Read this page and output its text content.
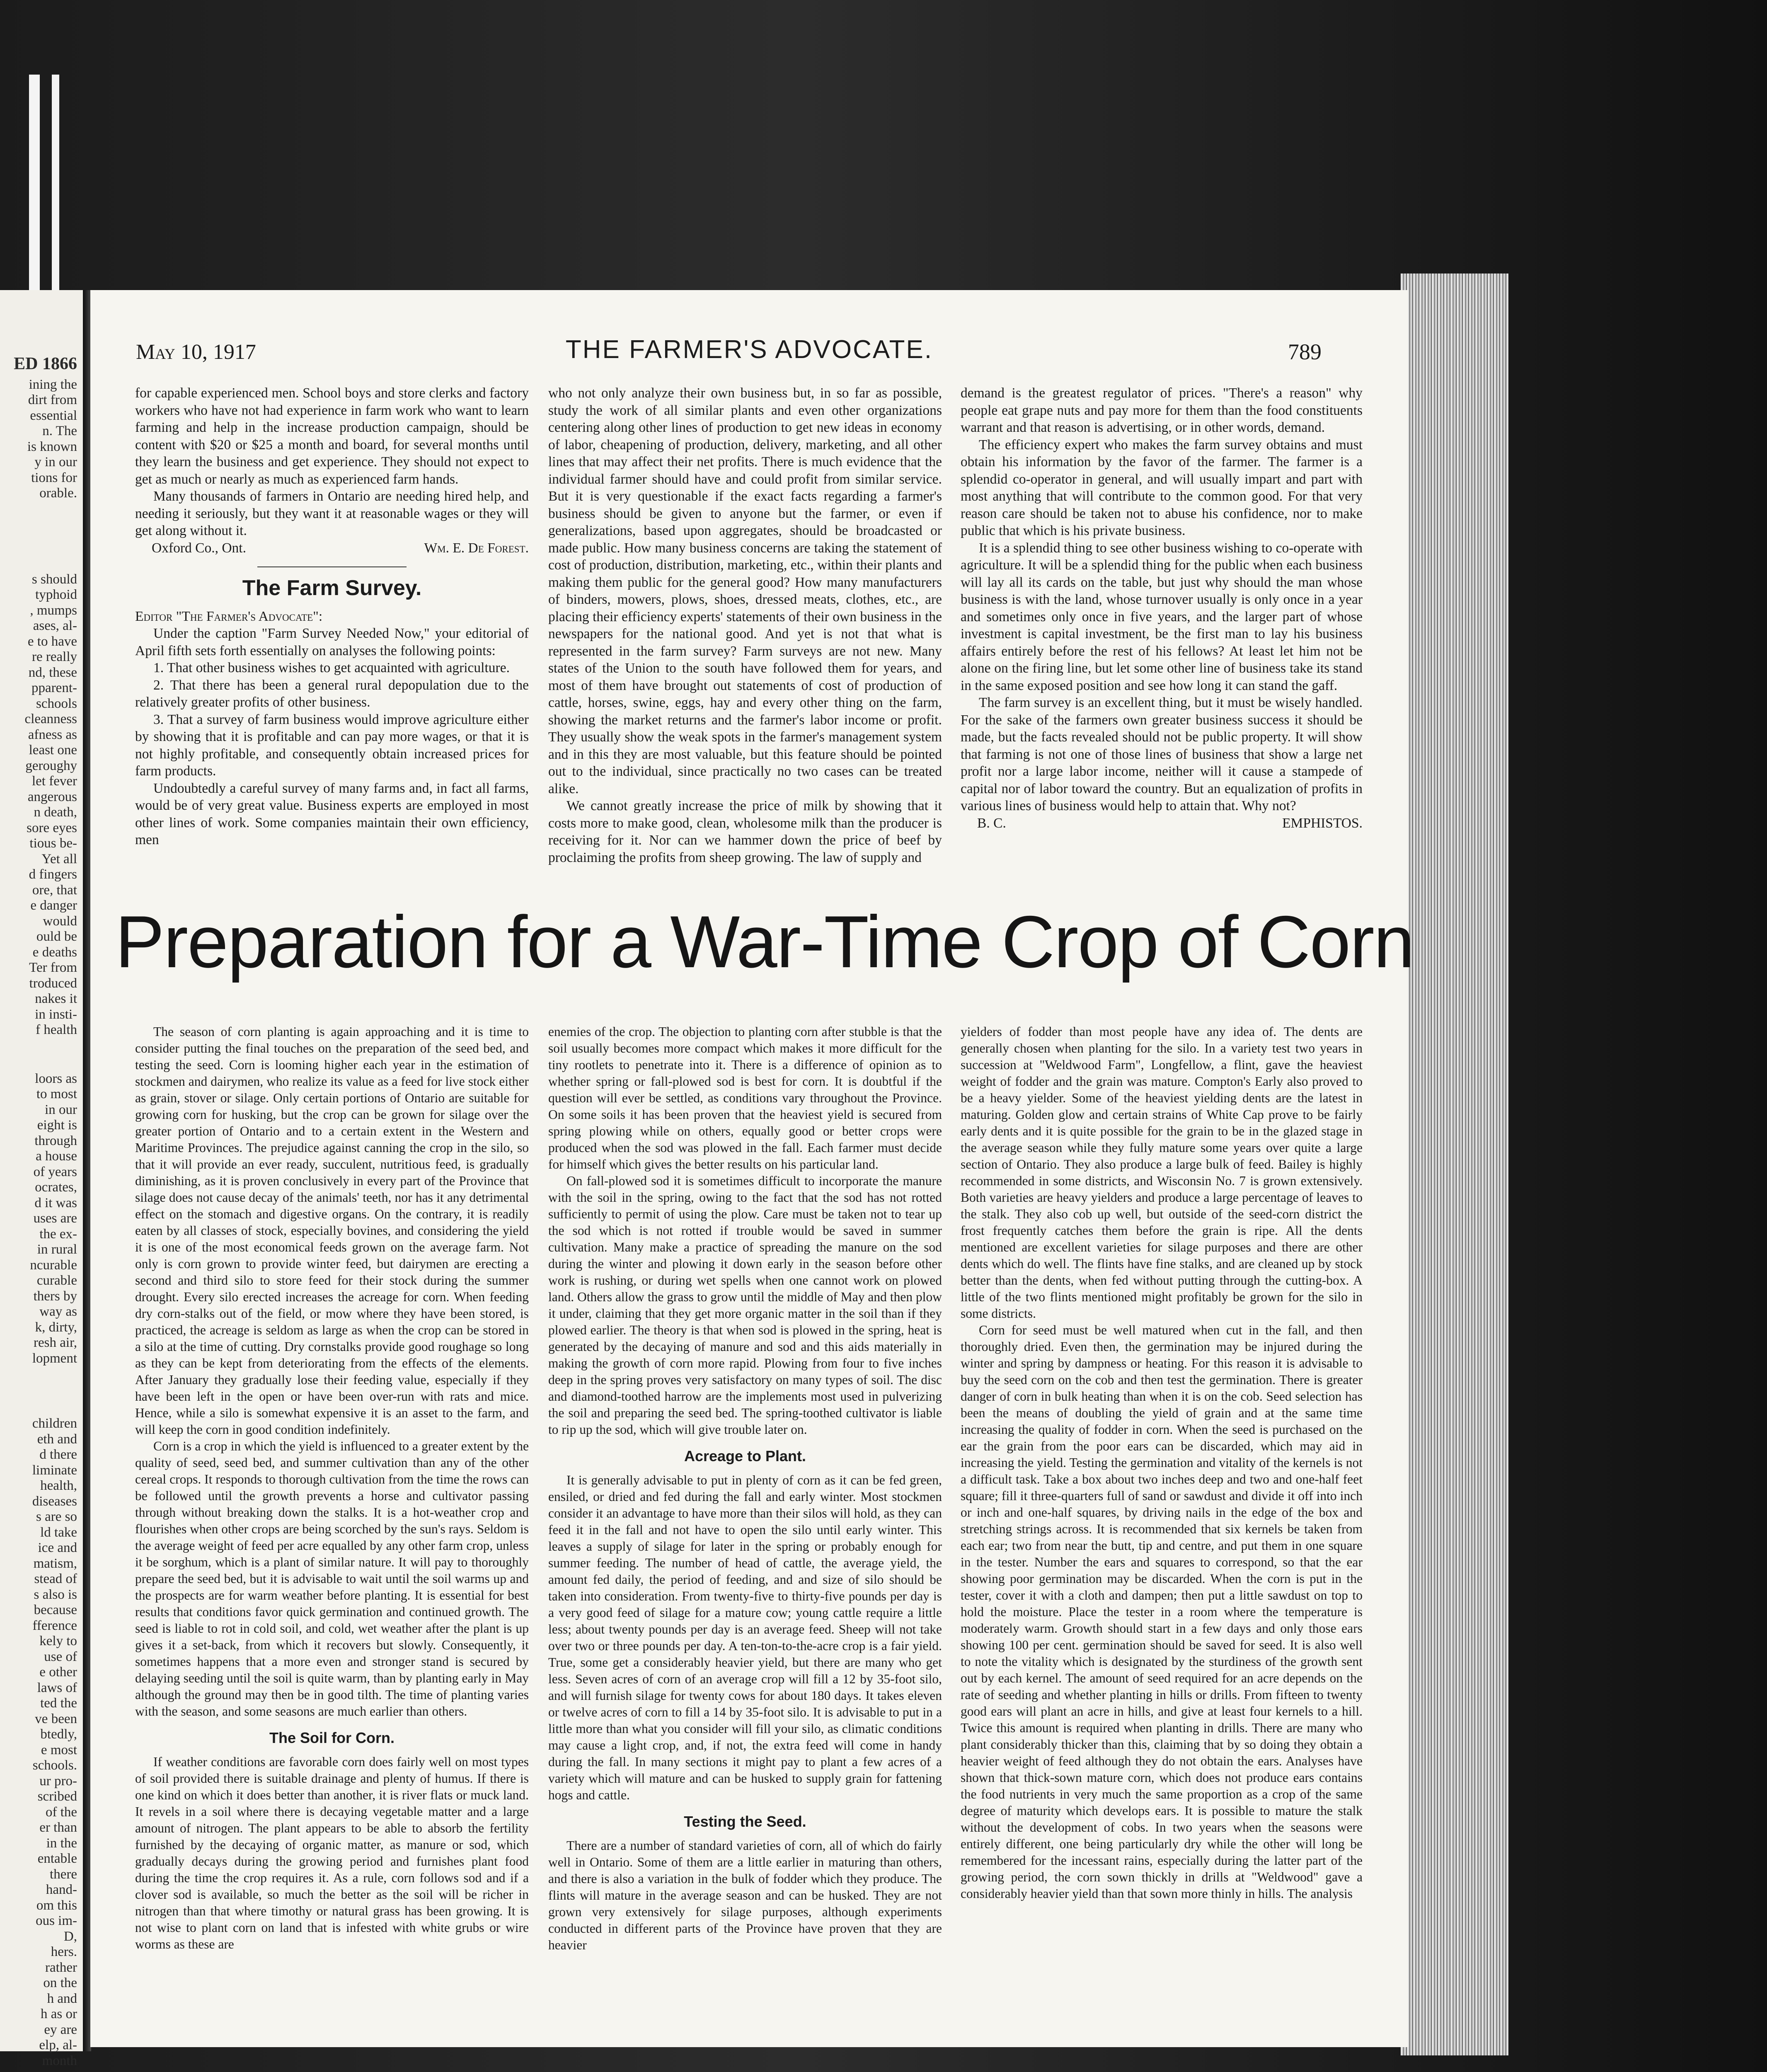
ED 1866
ining the
dirt from
essential
n. The
is known
y in our
tions for
orable.
s should
typhoid
, mumps
ases, al-
e to have
re really
nd, these
pparent-
schools
cleanness
afness as
least one
geroughy
let fever
angerous
n death,
sore eyes
tious be-
Yet all
d fingers
ore, that
e danger
would
ould be
e deaths
Ter from
troduced
nakes it
in insti-
f health
loors as
to most
in our
eight is
through
a house
of years
ocrates,
d it was
uses are
the ex-
in rural
ncurable
curable
thers by
way as
k, dirty,
resh air,
lopment
children
eth and
d there
liminate
health,
diseases
s are so
ld take
ice and
matism,
stead of
s also is
because
fference
kely to
use of
e other
laws of
ted the
ve been
btedly,
e most
schools.
ur pro-
scribed
of the
er than
in the
entable
there
hand-
om this
ous im-
D,
hers.
rather
on the
h and
h as or
ey are
elp, al-
month
May 10, 1917	THE FARMER'S ADVOCATE.	789

for capable experienced men. School boys and store clerks and factory workers who have not had experience in farm work who want to learn farming and help in the increase production campaign, should be content with $20 or $25 a month and board, for several months until they learn the business and get experience. They should not expect to get as much or nearly as much as experienced farm hands.

Many thousands of farmers in Ontario are needing hired help, and needing it seriously, but they want it at reasonable wages or they will get along without it.

Oxford Co., Ont.	Wm. E. De Forest.
The Farm Survey.

Editor "The Farmer's Advocate":

Under the caption "Farm Survey Needed Now," your editorial of April fifth sets forth essentially on analyses the following points:

1. That other business wishes to get acquainted with agriculture.

2. That there has been a general rural depopulation due to the relatively greater profits of other business.

3. That a survey of farm business would improve agriculture either by showing that it is profitable and can pay more wages, or that it is not highly profitable, and consequently obtain increased prices for farm products.

Undoubtedly a careful survey of many farms and, in fact all farms, would be of very great value. Business experts are employed in most other lines of work. Some companies maintain their own efficiency, men

who not only analyze their own business but, in so far as possible, study the work of all similar plants and even other organizations centering along other lines of production to get new ideas in economy of labor, cheapening of production, delivery, marketing, and all other lines that may affect their net profits. There is much evidence that the individual farmer should have and could profit from similar service. But it is very questionable if the exact facts regarding a farmer's business should be given to anyone but the farmer, or even if generalizations, based upon aggregates, should be broadcasted or made public. How many business concerns are taking the statement of cost of production, distribution, marketing, etc., within their plants and making them public for the general good? How many manufacturers of binders, mowers, plows, shoes, dressed meats, clothes, etc., are placing their efficiency experts' statements of their own business in the newspapers for the national good. And yet is not that what is represented in the farm survey? Farm surveys are not new. Many states of the Union to the south have followed them for years, and most of them have brought out statements of cost of production of cattle, horses, swine, eggs, hay and every other thing on the farm, showing the market returns and the farmer's labor income or profit. They usually show the weak spots in the farmer's management system and in this they are most valuable, but this feature should be pointed out to the individual, since practically no two cases can be treated alike.

We cannot greatly increase the price of milk by showing that it costs more to make good, clean, wholesome milk than the producer is receiving for it. Nor can we hammer down the price of beef by proclaiming the profits from sheep growing. The law of supply and

demand is the greatest regulator of prices. "There's a reason" why people eat grape nuts and pay more for them than the food constituents warrant and that reason is advertising, or in other words, demand.

The efficiency expert who makes the farm survey obtains and must obtain his information by the favor of the farmer. The farmer is a splendid co-operator in general, and will usually impart and part with most anything that will contribute to the common good. For that very reason care should be taken not to abuse his confidence, nor to make public that which is his private business.

It is a splendid thing to see other business wishing to co-operate with agriculture. It will be a splendid thing for the public when each business will lay all its cards on the table, but just why should the man whose business is with the land, whose turnover usually is only once in a year and sometimes only once in five years, and the larger part of whose investment is capital investment, be the first man to lay his business affairs entirely before the rest of his fellows? At least let him not be alone on the firing line, but let some other line of business take its stand in the same exposed position and see how long it can stand the gaff.

The farm survey is an excellent thing, but it must be wisely handled. For the sake of the farmers own greater business success it should be made, but the facts revealed should not be public property. It will show that farming is not one of those lines of business that show a large net profit nor a large labor income, neither will it cause a stampede of capital nor of labor toward the country. But an equalization of profits in various lines of business would help to attain that. Why not?

B. C.	EMPHISTOS.
Preparation for a War-Time Crop of Corn

The season of corn planting is again approaching and it is time to consider putting the final touches on the preparation of the seed bed, and testing the seed. Corn is looming higher each year in the estimation of stockmen and dairymen, who realize its value as a feed for live stock either as grain, stover or silage. Only certain portions of Ontario are suitable for growing corn for husking, but the crop can be grown for silage over the greater portion of Ontario and to a certain extent in the Western and Maritime Provinces. The prejudice against canning the crop in the silo, so that it will provide an ever ready, succulent, nutritious feed, is gradually diminishing, as it is proven conclusively in every part of the Province that silage does not cause decay of the animals' teeth, nor has it any detrimental effect on the stomach and digestive organs. On the contrary, it is readily eaten by all classes of stock, especially bovines, and considering the yield it is one of the most economical feeds grown on the average farm. Not only is corn grown to provide winter feed, but dairymen are erecting a second and third silo to store feed for their stock during the summer drought. Every silo erected increases the acreage for corn. When feeding dry corn-stalks out of the field, or mow where they have been stored, is practiced, the acreage is seldom as large as when the crop can be stored in a silo at the time of cutting. Dry cornstalks provide good roughage so long as they can be kept from deteriorating from the effects of the elements. After January they gradually lose their feeding value, especially if they have been left in the open or have been over-run with rats and mice. Hence, while a silo is somewhat expensive it is an asset to the farm, and will keep the corn in good condition indefinitely.

Corn is a crop in which the yield is influenced to a greater extent by the quality of seed, seed bed, and summer cultivation than any of the other cereal crops. It responds to thorough cultivation from the time the rows can be followed until the growth prevents a horse and cultivator passing through without breaking down the stalks. It is a hot-weather crop and flourishes when other crops are being scorched by the sun's rays. Seldom is the average weight of feed per acre equalled by any other farm crop, unless it be sorghum, which is a plant of similar nature. It will pay to thoroughly prepare the seed bed, but it is advisable to wait until the soil warms up and the prospects are for warm weather before planting. It is essential for best results that conditions favor quick germination and continued growth. The seed is liable to rot in cold soil, and cold, wet weather after the plant is up gives it a set-back, from which it recovers but slowly. Consequently, it sometimes happens that a more even and stronger stand is secured by delaying seeding until the soil is quite warm, than by planting early in May although the ground may then be in good tilth. The time of planting varies with the season, and some seasons are much earlier than others.

The Soil for Corn.

If weather conditions are favorable corn does fairly well on most types of soil provided there is suitable drainage and plenty of humus. If there is one kind on which it does better than another, it is river flats or muck land. It revels in a soil where there is decaying vegetable matter and a large amount of nitrogen. The plant appears to be able to absorb the fertility furnished by the decaying of organic matter, as manure or sod, which gradually decays during the growing period and furnishes plant food during the time the crop requires it. As a rule, corn follows sod and if a clover sod is available, so much the better as the soil will be richer in nitrogen than that where timothy or natural grass has been growing. It is not wise to plant corn on land that is infested with white grubs or wire worms as these are

enemies of the crop. The objection to planting corn after stubble is that the soil usually becomes more compact which makes it more difficult for the tiny rootlets to penetrate into it. There is a difference of opinion as to whether spring or fall-plowed sod is best for corn. It is doubtful if the question will ever be settled, as conditions vary throughout the Province. On some soils it has been proven that the heaviest yield is secured from spring plowing while on others, equally good or better crops were produced when the sod was plowed in the fall. Each farmer must decide for himself which gives the better results on his particular land.

On fall-plowed sod it is sometimes difficult to incorporate the manure with the soil in the spring, owing to the fact that the sod has not rotted sufficiently to permit of using the plow. Care must be taken not to tear up the sod which is not rotted if trouble would be saved in summer cultivation. Many make a practice of spreading the manure on the sod during the winter and plowing it down early in the season before other work is rushing, or during wet spells when one cannot work on plowed land. Others allow the grass to grow until the middle of May and then plow it under, claiming that they get more organic matter in the soil than if they plowed earlier. The theory is that when sod is plowed in the spring, heat is generated by the decaying of manure and sod and this aids materially in making the growth of corn more rapid. Plowing from four to five inches deep in the spring proves very satisfactory on many types of soil. The disc and diamond-toothed harrow are the implements most used in pulverizing the soil and preparing the seed bed. The spring-toothed cultivator is liable to rip up the sod, which will give trouble later on.

Acreage to Plant.

It is generally advisable to put in plenty of corn as it can be fed green, ensiled, or dried and fed during the fall and early winter. Most stockmen consider it an advantage to have more than their silos will hold, as they can feed it in the fall and not have to open the silo until early winter. This leaves a supply of silage for later in the spring or probably enough for summer feeding. The number of head of cattle, the average yield, the amount fed daily, the period of feeding, and and size of silo should be taken into consideration. From twenty-five to thirty-five pounds per day is a very good feed of silage for a mature cow; young cattle require a little less; about twenty pounds per day is an average feed. Sheep will not take over two or three pounds per day. A ten-ton-to-the-acre crop is a fair yield. True, some get a considerably heavier yield, but there are many who get less. Seven acres of corn of an average crop will fill a 12 by 35-foot silo, and will furnish silage for twenty cows for about 180 days. It takes eleven or twelve acres of corn to fill a 14 by 35-foot silo. It is advisable to put in a little more than what you consider will fill your silo, as climatic conditions may cause a light crop, and, if not, the extra feed will come in handy during the fall. In many sections it might pay to plant a few acres of a variety which will mature and can be husked to supply grain for fattening hogs and cattle.

Testing the Seed.

There are a number of standard varieties of corn, all of which do fairly well in Ontario. Some of them are a little earlier in maturing than others, and there is also a variation in the bulk of fodder which they produce. The flints will mature in the average season and can be husked. They are not grown very extensively for silage purposes, although experiments conducted in different parts of the Province have proven that they are heavier

yielders of fodder than most people have any idea of. The dents are generally chosen when planting for the silo. In a variety test two years in succession at "Weldwood Farm", Longfellow, a flint, gave the heaviest weight of fodder and the grain was mature. Compton's Early also proved to be a heavy yielder. Some of the heaviest yielding dents are the latest in maturing. Golden glow and certain strains of White Cap prove to be fairly early dents and it is quite possible for the grain to be in the glazed stage in the average season while they fully mature some years over quite a large section of Ontario. They also produce a large bulk of feed. Bailey is highly recommended in some districts, and Wisconsin No. 7 is grown extensively. Both varieties are heavy yielders and produce a large percentage of leaves to the stalk. They also cob up well, but outside of the seed-corn district the frost frequently catches them before the grain is ripe. All the dents mentioned are excellent varieties for silage purposes and there are other dents which do well. The flints have fine stalks, and are cleaned up by stock better than the dents, when fed without putting through the cutting-box. A little of the two flints mentioned might profitably be grown for the silo in some districts.

Corn for seed must be well matured when cut in the fall, and then thoroughly dried. Even then, the germination may be injured during the winter and spring by dampness or heating. For this reason it is advisable to buy the seed corn on the cob and then test the germination. There is greater danger of corn in bulk heating than when it is on the cob. Seed selection has been the means of doubling the yield of grain and at the same time increasing the quality of fodder in corn. When the seed is purchased on the ear the grain from the poor ears can be discarded, which may aid in increasing the yield. Testing the germination and vitality of the kernels is not a difficult task. Take a box about two inches deep and two and one-half feet square; fill it three-quarters full of sand or sawdust and divide it off into inch or inch and one-half squares, by driving nails in the edge of the box and stretching strings across. It is recommended that six kernels be taken from each ear; two from near the butt, tip and centre, and put them in one square in the tester. Number the ears and squares to correspond, so that the ear showing poor germination may be discarded. When the corn is put in the tester, cover it with a cloth and dampen; then put a little sawdust on top to hold the moisture. Place the tester in a room where the temperature is moderately warm. Growth should start in a few days and only those ears showing 100 per cent. germination should be saved for seed. It is also well to note the vitality which is designated by the sturdiness of the growth sent out by each kernel. The amount of seed required for an acre depends on the rate of seeding and whether planting in hills or drills. From fifteen to twenty good ears will plant an acre in hills, and give at least four kernels to a hill. Twice this amount is required when planting in drills. There are many who plant considerably thicker than this, claiming that by so doing they obtain a heavier weight of feed although they do not obtain the ears. Analyses have shown that thick-sown mature corn, which does not produce ears contains the food nutrients in very much the same proportion as a crop of the same degree of maturity which develops ears. It is possible to mature the stalk without the development of cobs. In two years when the seasons were entirely different, one being particularly dry while the other will long be remembered for the incessant rains, especially during the latter part of the growing period, the corn sown thickly in drills at "Weldwood" gave a considerably heavier yield than that sown more thinly in hills. The analysis
